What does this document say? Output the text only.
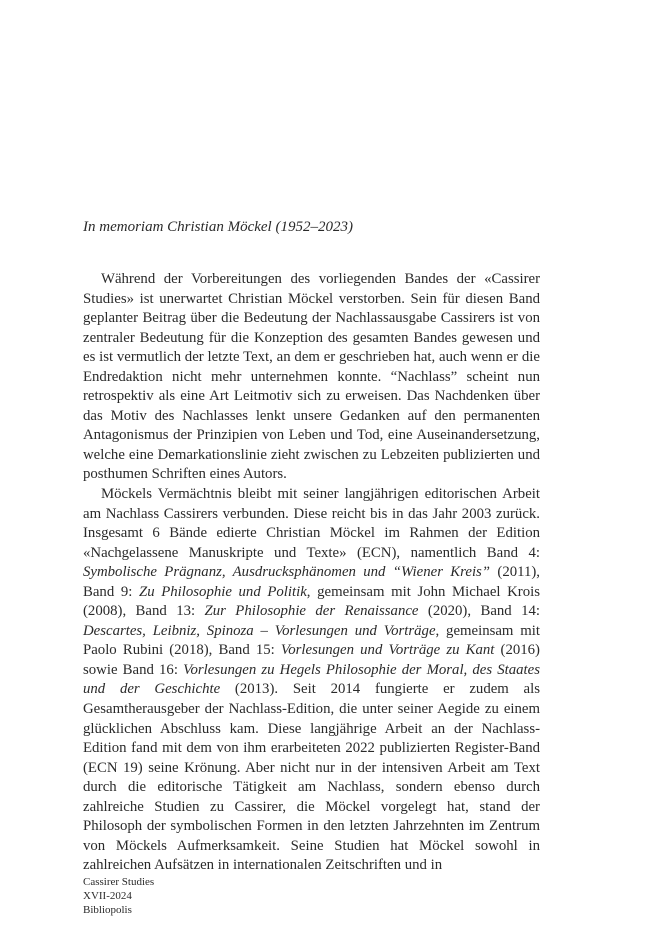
In memoriam Christian Möckel (1952–2023)

Während der Vorbereitungen des vorliegenden Bandes der «Cassirer Studies» ist unerwartet Christian Möckel verstorben. Sein für diesen Band geplanter Beitrag über die Bedeutung der Nachlassausgabe Cassirers ist von zentraler Bedeutung für die Konzeption des gesamten Bandes gewesen und es ist vermutlich der letzte Text, an dem er geschrieben hat, auch wenn er die Endredaktion nicht mehr unternehmen konnte. “Nachlass” scheint nun retrospektiv als eine Art Leitmotiv sich zu erweisen. Das Nachdenken über das Motiv des Nachlasses lenkt unsere Gedanken auf den permanenten Antagonismus der Prinzipien von Leben und Tod, eine Auseinandersetzung, welche eine Demarkationslinie zieht zwischen zu Lebzeiten publizierten und posthumen Schriften eines Autors.

Möckels Vermächtnis bleibt mit seiner langjährigen editorischen Arbeit am Nachlass Cassirers verbunden. Diese reicht bis in das Jahr 2003 zurück. Insgesamt 6 Bände edierte Christian Möckel im Rahmen der Edition «Nachgelassene Manuskripte und Texte» (ECN), namentlich Band 4: Symbolische Prägnanz, Ausdrucksphänomen und “Wiener Kreis” (2011), Band 9: Zu Philosophie und Politik, gemeinsam mit John Michael Krois (2008), Band 13: Zur Philosophie der Renaissance (2020), Band 14: Descartes, Leibniz, Spinoza – Vorlesungen und Vorträge, gemeinsam mit Paolo Rubini (2018), Band 15: Vorlesungen und Vorträge zu Kant (2016) sowie Band 16: Vorlesungen zu Hegels Philosophie der Moral, des Staates und der Geschichte (2013). Seit 2014 fungierte er zudem als Gesamtherausgeber der Nachlass-Edition, die unter seiner Aegide zu einem glücklichen Abschluss kam. Diese langjährige Arbeit an der Nachlass-Edition fand mit dem von ihm erarbeiteten 2022 publizierten Register-Band (ECN 19) seine Krönung. Aber nicht nur in der intensiven Arbeit am Text durch die editorische Tätigkeit am Nachlass, sondern ebenso durch zahlreiche Studien zu Cassirer, die Möckel vorgelegt hat, stand der Philosoph der symbolischen Formen in den letzten Jahrzehnten im Zentrum von Möckels Aufmerksamkeit. Seine Studien hat Möckel sowohl in zahlreichen Aufsätzen in internationalen Zeitschriften und in

Cassirer Studies
XVII-2024
Bibliopolis
